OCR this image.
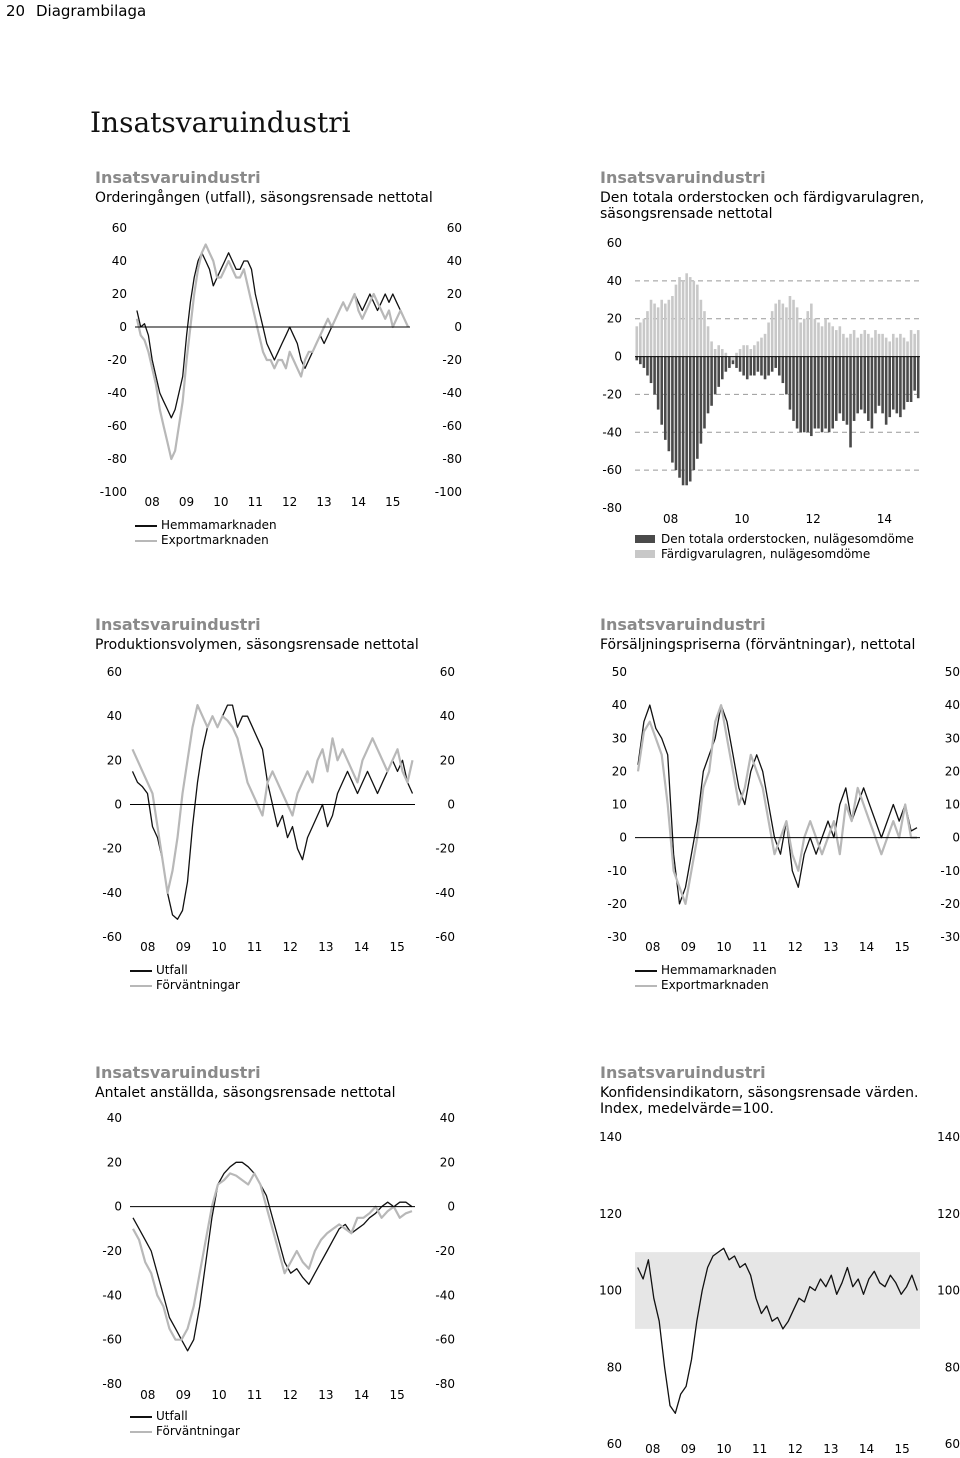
20 Diagrambilaga
Insatsvaruindustri
Insatsvaruindustri
Orderingången (utfall), säsongsrensade nettotal
60	60
40	40
20	20
0	0
-20	-20
-40	-40
-60	-60
-80	-80
-100	-100
08 09 10 11 12 13 14 15
Hemmamarknaden
Exportmarknaden
Insatsvaruindustri
Den totala orderstocken och färdigvarulagren,
säsongsrensade nettotal
60
40
20
0
-20
-40
-60
-80
08	10	12	14
Den totala orderstocken, nulägesomdöme
Färdigvarulagren, nulägesomdöme
Insatsvaruindustri
Produktionsvolymen, säsongsrensade nettotal
60	60
40	40
20	20
0	0
-20	-20
-40	-40
-60	-60
08 09 10 11 12 13 14 15
Utfall
Förväntningar
Insatsvaruindustri
Försäljningspriserna (förväntningar), nettotal
50	50
40	40
30	30
20	20
10	10
0	0
-10	-10
-20	-20
-30	-30
08 09 10 11 12 13 14 15
Hemmamarknaden
Exportmarknaden
Insatsvaruindustri
Antalet anställda, säsongsrensade nettotal
40	40
20	20
0	0
-20	-20
-40	-40
-60	-60
-80	-80
08 09 10 11 12 13 14 15
Utfall
Förväntningar
Insatsvaruindustri
Konfidensindikatorn, säsongsrensade värden.
Index, medelvärde=100.
140	140
120	120
100	100
80	80
60	60
08 09 10 11 12 13 14 15
